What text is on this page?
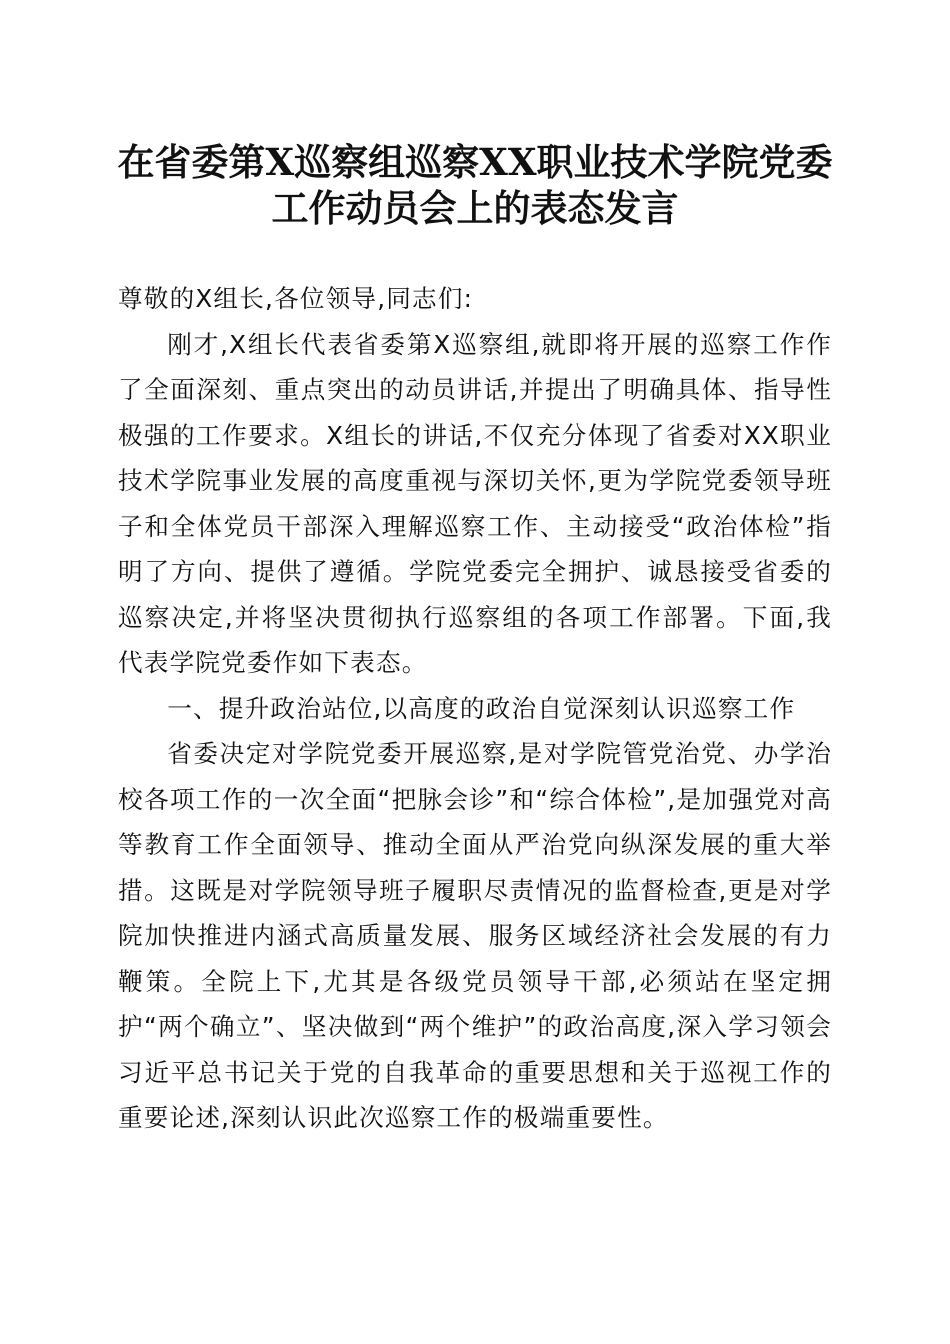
在省委第X巡察组巡察XX职业技术学院党委
工作动员会上的表态发言

尊敬的X组长,各位领导,同志们:

刚才,X组长代表省委第X巡察组,就即将开展的巡察工作作了全面深刻、重点突出的动员讲话,并提出了明确具体、指导性极强的工作要求。X组长的讲话,不仅充分体现了省委对XX职业技术学院事业发展的高度重视与深切关怀,更为学院党委领导班子和全体党员干部深入理解巡察工作、主动接受“政治体检”指明了方向、提供了遵循。学院党委完全拥护、诚恳接受省委的巡察决定,并将坚决贯彻执行巡察组的各项工作部署。下面,我代表学院党委作如下表态。

一、提升政治站位,以高度的政治自觉深刻认识巡察工作

省委决定对学院党委开展巡察,是对学院管党治党、办学治校各项工作的一次全面“把脉会诊”和“综合体检”,是加强党对高等教育工作全面领导、推动全面从严治党向纵深发展的重大举措。这既是对学院领导班子履职尽责情况的监督检查,更是对学院加快推进内涵式高质量发展、服务区域经济社会发展的有力鞭策。全院上下,尤其是各级党员领导干部,必须站在坚定拥护“两个确立”、坚决做到“两个维护”的政治高度,深入学习领会习近平总书记关于党的自我革命的重要思想和关于巡视工作的重要论述,深刻认识此次巡察工作的极端重要性。
